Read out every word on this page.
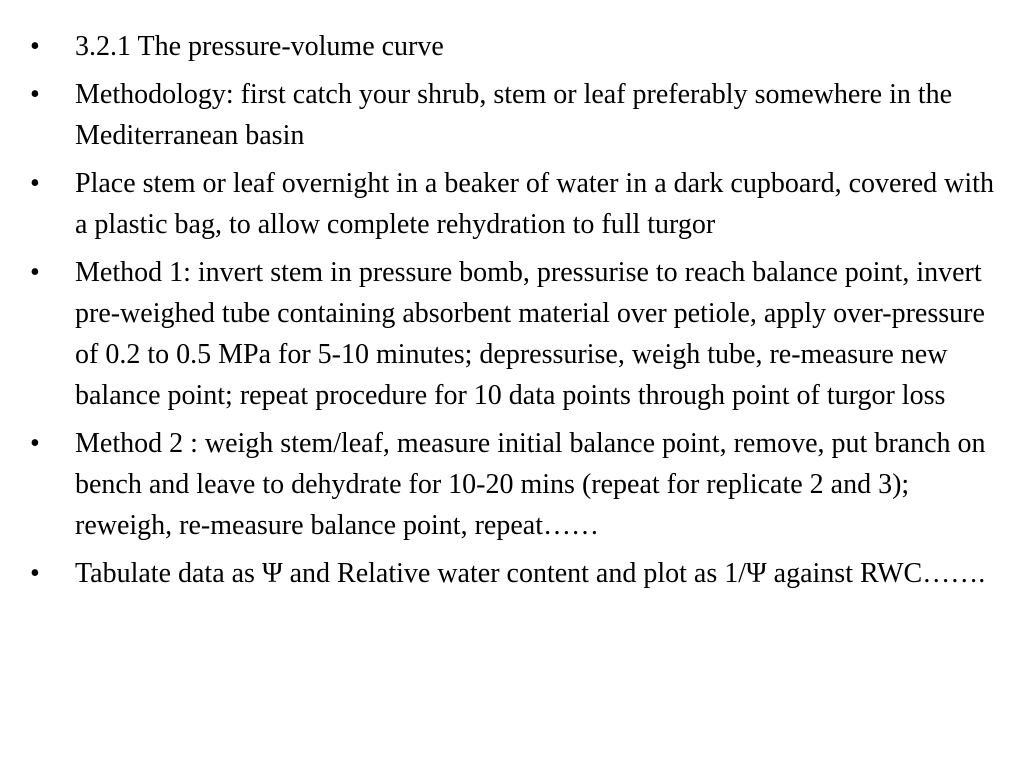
•	3.2.1 The pressure-volume curve
•	Methodology: first catch your shrub, stem or leaf preferably somewhere in the Mediterranean basin
•	Place stem or leaf overnight in a beaker of water in a dark cupboard, covered with a plastic bag, to allow complete rehydration to full turgor
•	Method 1: invert stem in pressure bomb, pressurise to reach balance point, invert pre-weighed tube containing absorbent material over petiole, apply over-pressure of 0.2 to 0.5 MPa for 5-10 minutes; depressurise, weigh tube, re-measure new balance point; repeat procedure for 10 data points through point of turgor loss
•	Method 2 : weigh stem/leaf, measure initial balance point, remove, put branch on bench and leave to dehydrate for 10-20 mins (repeat for replicate 2 and 3); reweigh, re-measure balance point, repeat……
•	Tabulate data as Ψ and Relative water content and plot as 1/Ψ against RWC…….
